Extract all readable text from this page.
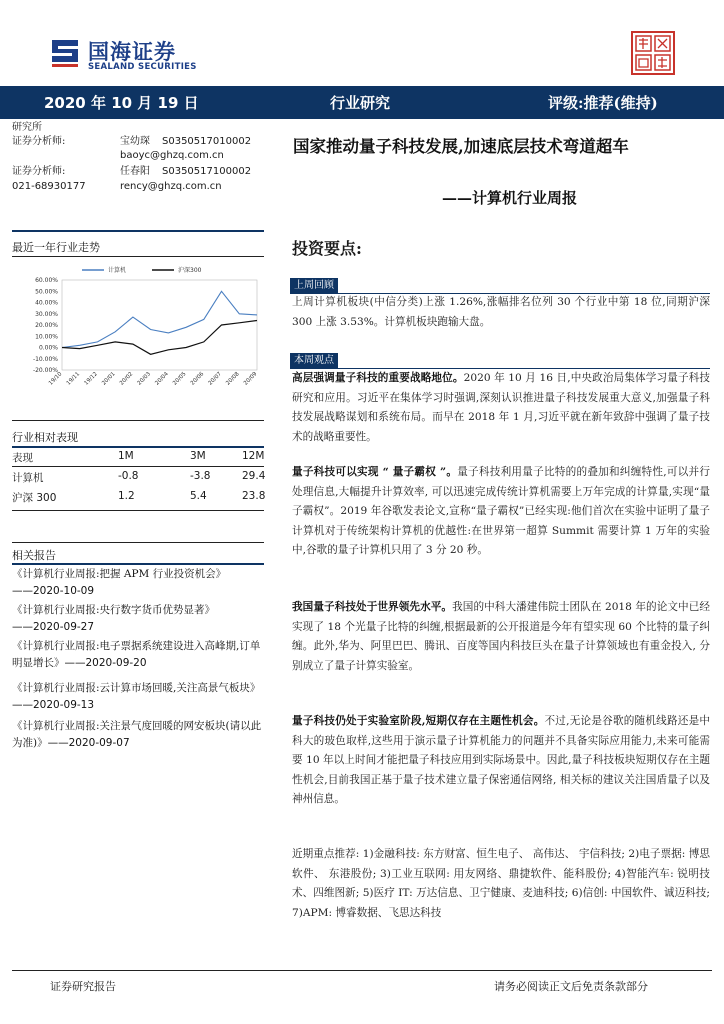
国海证券
SEALAND SECURITIES
2020 年 10 月 19 日	行业研究	评级:推荐(维持)
研究所
证券分析师:	宝幼琛 S0350517010002
baoyc@ghzq.com.cn
证券分析师:	任春阳 S0350517100002
021-68930177	rency@ghzq.com.cn
国家推动量子科技发展,加速底层技术弯道超车
——计算机行业周报
最近一年行业走势
60.00%
50.00%
40.00%
30.00%
20.00%
10.00%
0.00%
-10.00%
-20.00%
19/10 19/11 19/12 20/01 20/02 20/03 20/04 20/05 20/06 20/07 20/08 20/09
计算机	沪深300
行业相对表现
表现	1M	3M	12M
计算机	-0.8	-3.8	29.4
沪深 300	1.2	5.4	23.8
相关报告
《计算机行业周报:把握 APM 行业投资机会》
——2020-10-09
《计算机行业周报:央行数字货币优势显著》
——2020-09-27
《计算机行业周报:电子票据系统建设进入高峰期,订单明显增长》——2020-09-20
《计算机行业周报:云计算市场回暖,关注高景气板块》——2020-09-13
《计算机行业周报:关注景气度回暖的网安板块(请以此为准)》——2020-09-07
投资要点:
上周回顾
上周计算机板块(中信分类)上涨 1.26%,涨幅排名位列 30 个行业中第 18 位,同期沪深 300 上涨 3.53%。计算机板块跑输大盘。
本周观点
高层强调量子科技的重要战略地位。2020 年 10 月 16 日,中央政治局集体学习量子科技研究和应用。习近平在集体学习时强调,深刻认识推进量子科技发展重大意义,加强量子科技发展战略谋划和系统布局。而早在 2018 年 1 月,习近平就在新年致辞中强调了量子技术的战略重要性。
量子科技可以实现 “ 量子霸权 ”。量子科技利用量子比特的的叠加和纠缠特性,可以并行处理信息,大幅提升计算效率, 可以迅速完成传统计算机需要上万年完成的计算量,实现“量子霸权”。2019 年谷歌发表论文,宣称“量子霸权”已经实现:他们首次在实验中证明了量子计算机对于传统架构计算机的优越性:在世界第一超算 Summit 需要计算 1 万年的实验中,谷歌的量子计算机只用了 3 分 20 秒。
我国量子科技处于世界领先水平。我国的中科大潘建伟院士团队在 2018 年的论文中已经实现了 18 个光量子比特的纠缠,根据最新的公开报道是今年有望实现 60 个比特的量子纠缠。此外,华为、阿里巴巴、腾讯、百度等国内科技巨头在量子计算领域也有重金投入, 分别成立了量子计算实验室。
量子科技仍处于实验室阶段,短期仅存在主题性机会。不过,无论是谷歌的随机线路还是中科大的玻色取样,这些用于演示量子计算机能力的问题并不具备实际应用能力,未来可能需要 10 年以上时间才能把量子科技应用到实际场景中。因此,量子科技板块短期仅存在主题性机会,目前我国正基于量子技术建立量子保密通信网络, 相关标的建议关注国盾量子以及神州信息。
近期重点推荐: 1)金融科技: 东方财富、恒生电子、 高伟达、 宇信科技; 2)电子票据: 博思软件、 东港股份; 3)工业互联网: 用友网络、鼎捷软件、能科股份; 4)智能汽车: 锐明技术、四维图新; 5)医疗 IT: 万达信息、卫宁健康、麦迪科技; 6)信创: 中国软件、诚迈科技; 7)APM: 博睿数据、飞思达科技
证券研究报告	请务必阅读正文后免责条款部分
